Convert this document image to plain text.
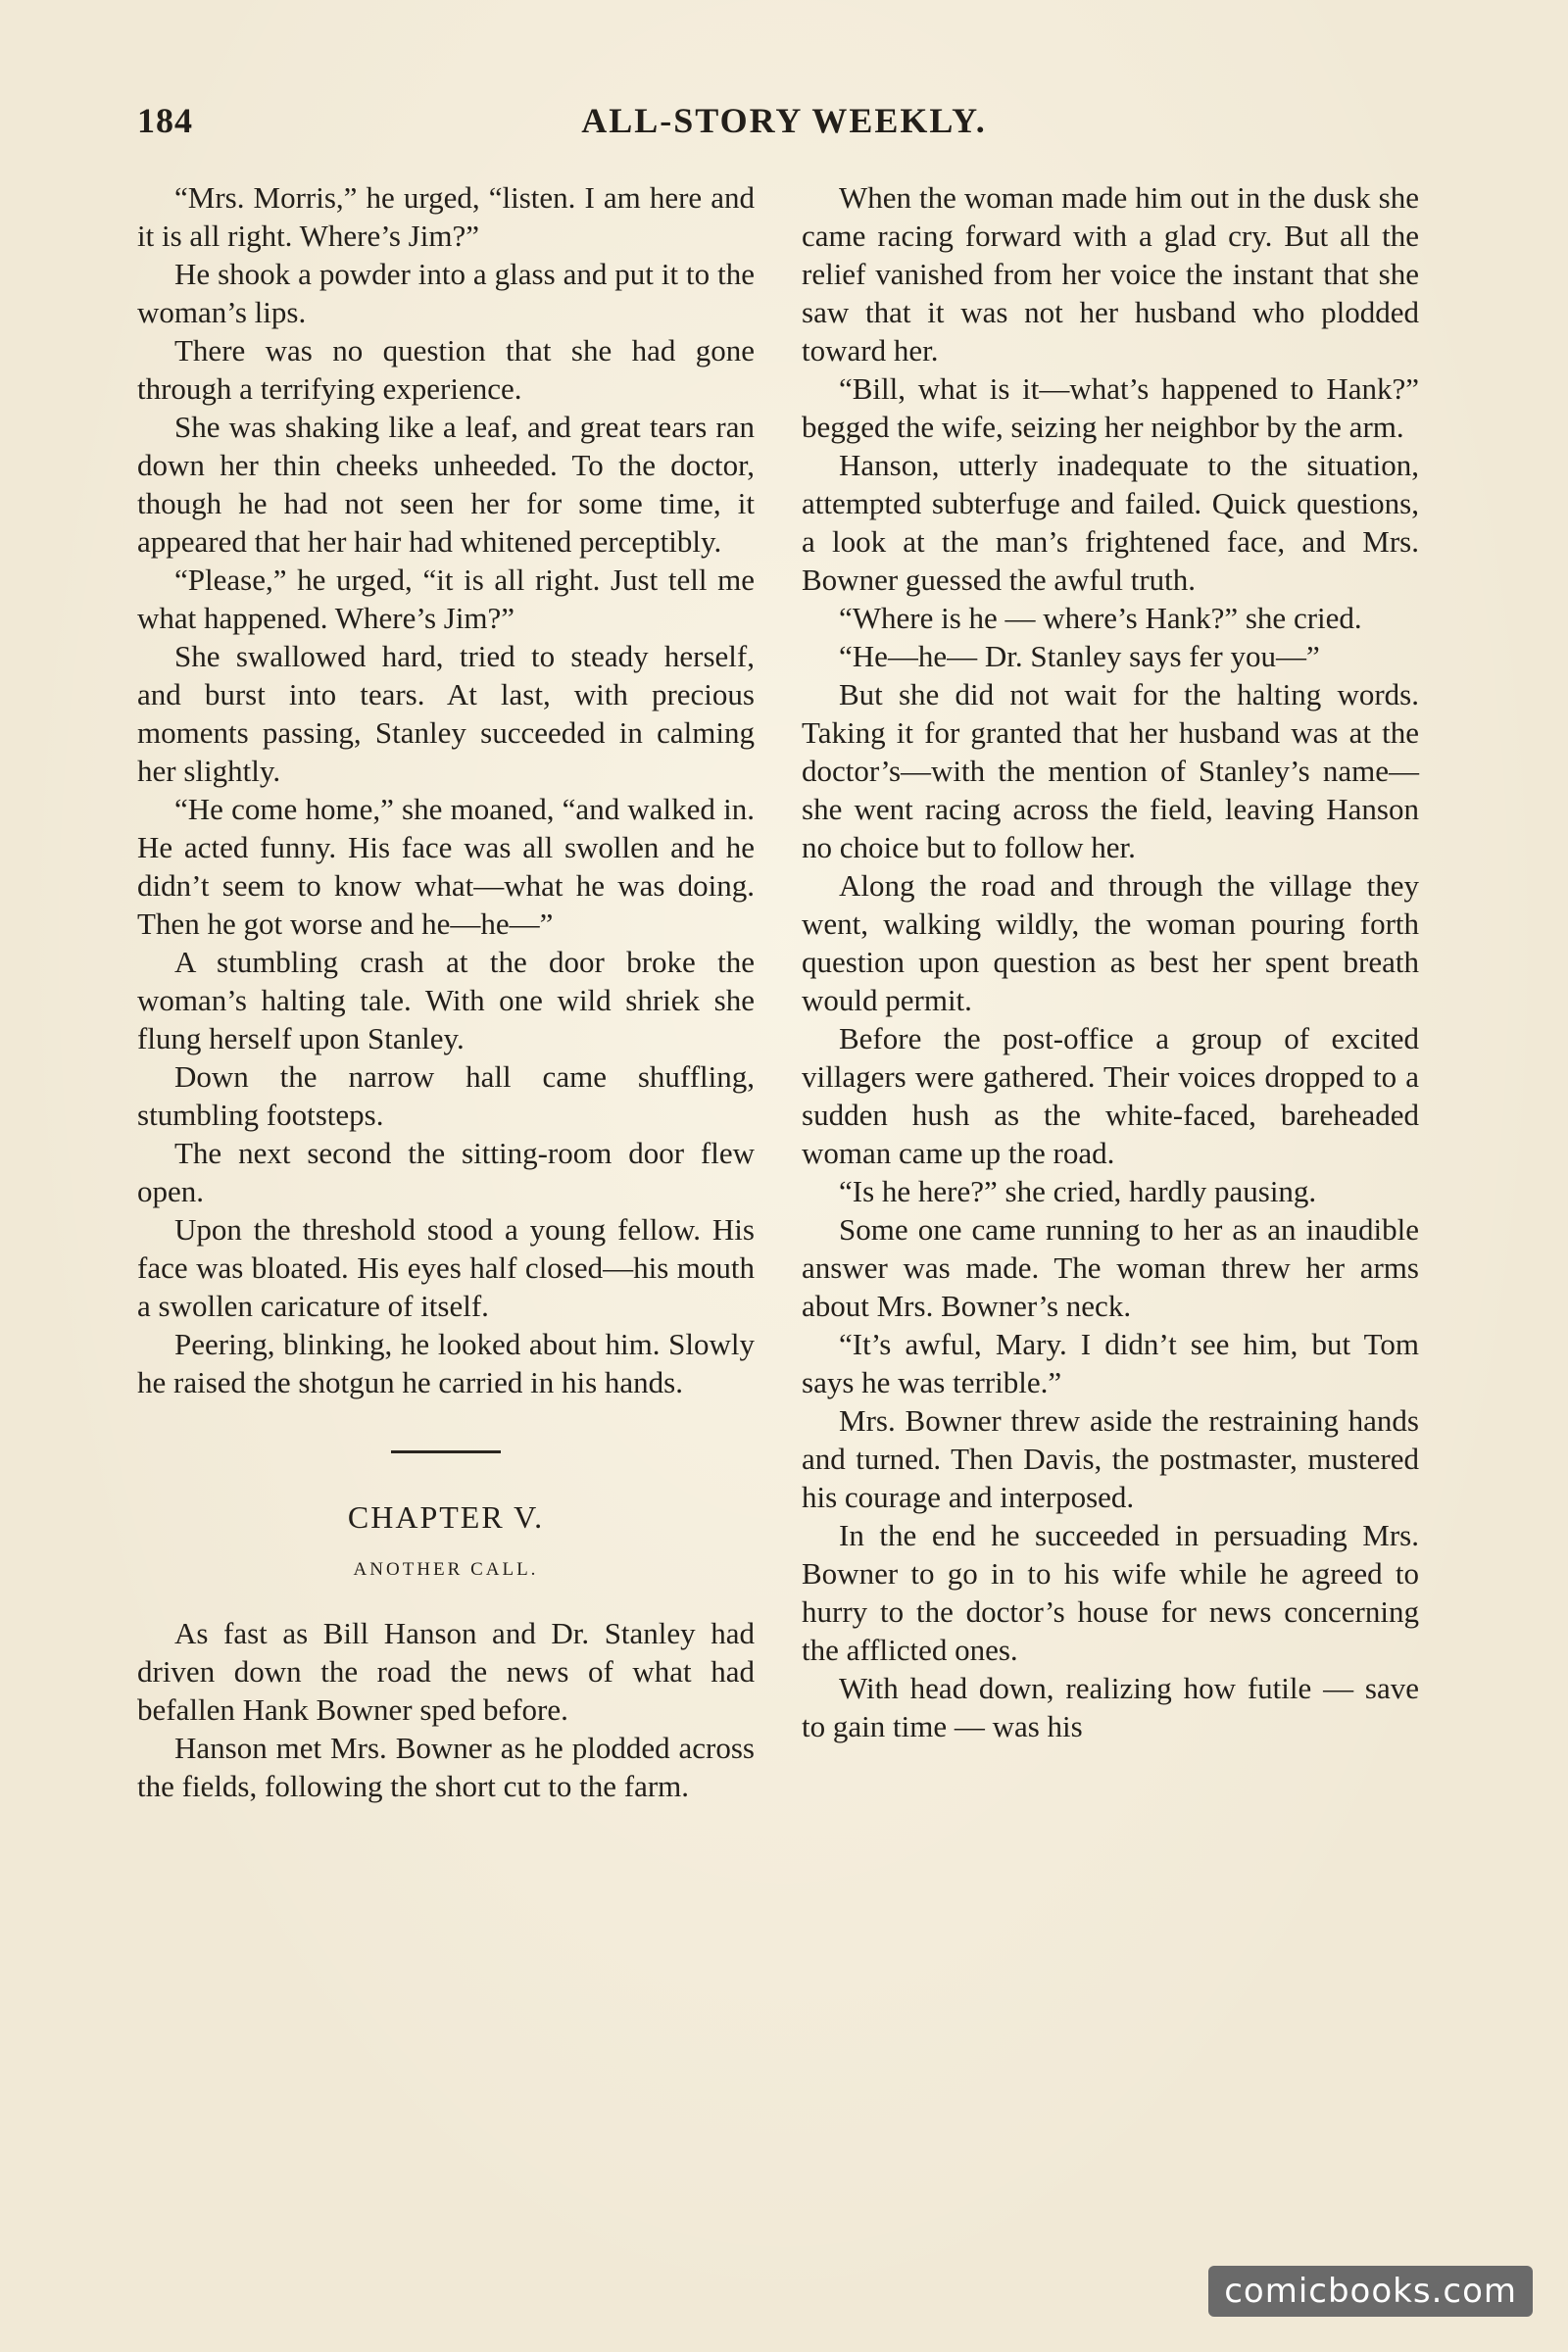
184	ALL-STORY WEEKLY.

“Mrs. Morris,” he urged, “listen. I am here and it is all right. Where’s Jim?”

He shook a powder into a glass and put it to the woman’s lips.

There was no question that she had gone through a terrifying experience.

She was shaking like a leaf, and great tears ran down her thin cheeks unheeded. To the doctor, though he had not seen her for some time, it appeared that her hair had whitened perceptibly.

“Please,” he urged, “it is all right. Just tell me what happened. Where’s Jim?”

She swallowed hard, tried to steady herself, and burst into tears. At last, with precious moments passing, Stanley succeeded in calming her slightly.

“He come home,” she moaned, “and walked in. He acted funny. His face was all swollen and he didn’t seem to know what—what he was doing. Then he got worse and he—he—”

A stumbling crash at the door broke the woman’s halting tale. With one wild shriek she flung herself upon Stanley.

Down the narrow hall came shuffling, stumbling footsteps.

The next second the sitting-room door flew open.

Upon the threshold stood a young fellow. His face was bloated. His eyes half closed—his mouth a swollen caricature of itself.

Peering, blinking, he looked about him. Slowly he raised the shotgun he carried in his hands.

CHAPTER V.

ANOTHER CALL.

As fast as Bill Hanson and Dr. Stanley had driven down the road the news of what had befallen Hank Bowner sped before.

Hanson met Mrs. Bowner as he plodded across the fields, following the short cut to the farm.

When the woman made him out in the dusk she came racing forward with a glad cry. But all the relief vanished from her voice the instant that she saw that it was not her husband who plodded toward her.

“Bill, what is it—what’s happened to Hank?” begged the wife, seizing her neighbor by the arm.

Hanson, utterly inadequate to the situation, attempted subterfuge and failed. Quick questions, a look at the man’s frightened face, and Mrs. Bowner guessed the awful truth.

“Where is he — where’s Hank?” she cried.

“He—he— Dr. Stanley says fer you—”

But she did not wait for the halting words. Taking it for granted that her husband was at the doctor’s—with the mention of Stanley’s name—she went racing across the field, leaving Hanson no choice but to follow her.

Along the road and through the village they went, walking wildly, the woman pouring forth question upon question as best her spent breath would permit.

Before the post-office a group of excited villagers were gathered. Their voices dropped to a sudden hush as the white-faced, bareheaded woman came up the road.

“Is he here?” she cried, hardly pausing.

Some one came running to her as an inaudible answer was made. The woman threw her arms about Mrs. Bowner’s neck.

“It’s awful, Mary. I didn’t see him, but Tom says he was terrible.”

Mrs. Bowner threw aside the restraining hands and turned. Then Davis, the postmaster, mustered his courage and interposed.

In the end he succeeded in persuading Mrs. Bowner to go in to his wife while he agreed to hurry to the doctor’s house for news concerning the afflicted ones.

With head down, realizing how futile — save to gain time — was his

comicbooks.com
